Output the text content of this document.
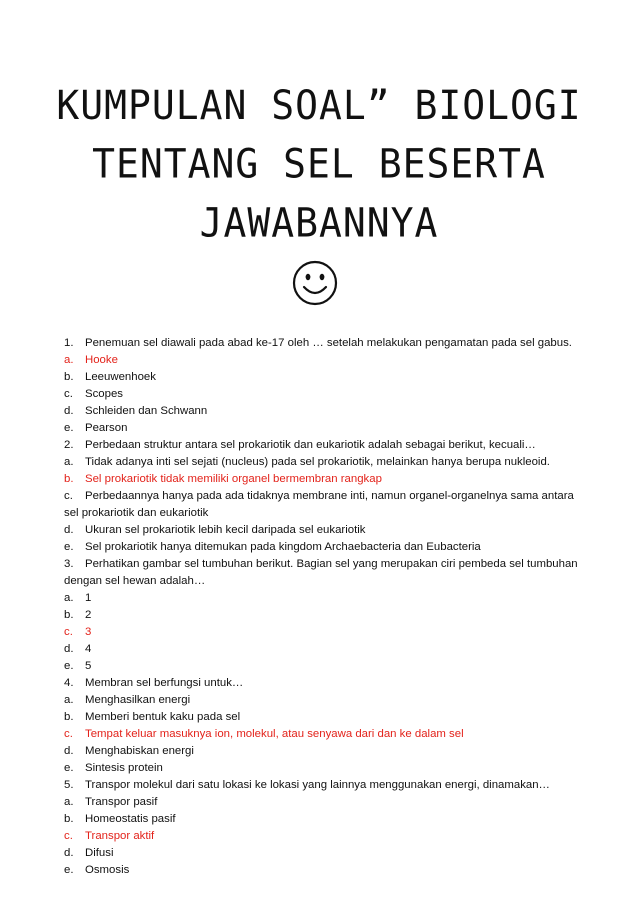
KUMPULAN SOAL” BIOLOGI
TENTANG SEL BESERTA
JAWABANNYA
1. Penemuan sel diawali pada abad ke-17 oleh … setelah melakukan pengamatan pada sel gabus.
a. Hooke
b. Leeuwenhoek
c. Scopes
d. Schleiden dan Schwann
e. Pearson
2. Perbedaan struktur antara sel prokariotik dan eukariotik adalah sebagai berikut, kecuali…
a. Tidak adanya inti sel sejati (nucleus) pada sel prokariotik, melainkan hanya berupa nukleoid.
b. Sel prokariotik tidak memiliki organel bermembran rangkap
c. Perbedaannya hanya pada ada tidaknya membrane inti, namun organel-organelnya sama antara
sel prokariotik dan eukariotik
d. Ukuran sel prokariotik lebih kecil daripada sel eukariotik
e. Sel prokariotik hanya ditemukan pada kingdom Archaebacteria dan Eubacteria
3. Perhatikan gambar sel tumbuhan berikut. Bagian sel yang merupakan ciri pembeda sel tumbuhan
dengan sel hewan adalah…
a. 1
b. 2
c. 3
d. 4
e. 5
4. Membran sel berfungsi untuk…
a. Menghasilkan energi
b. Memberi bentuk kaku pada sel
c. Tempat keluar masuknya ion, molekul, atau senyawa dari dan ke dalam sel
d. Menghabiskan energi
e. Sintesis protein
5. Transpor molekul dari satu lokasi ke lokasi yang lainnya menggunakan energi, dinamakan…
a. Transpor pasif
b. Homeostatis pasif
c. Transpor aktif
d. Difusi
e. Osmosis
